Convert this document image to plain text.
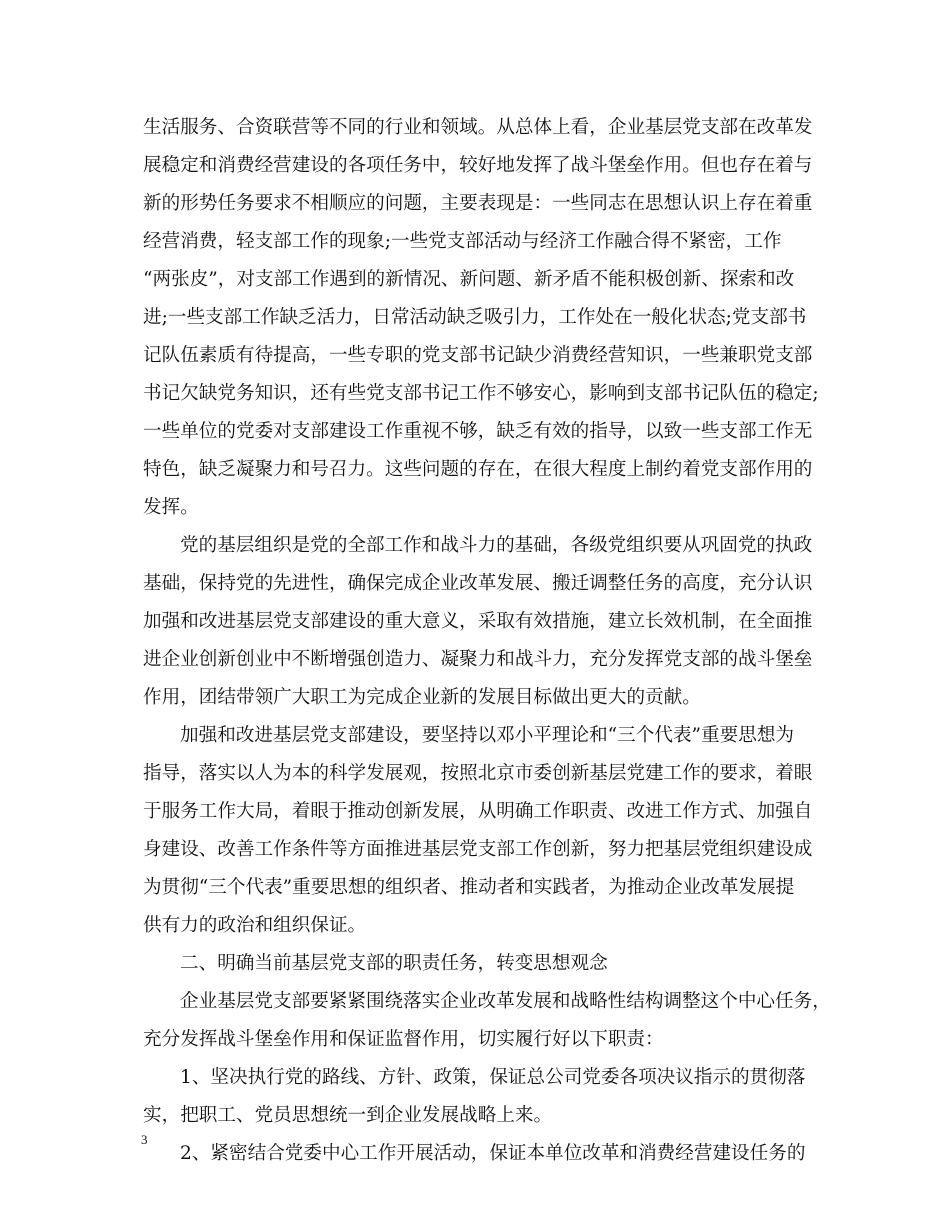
生活服务、合资联营等不同的行业和领域。从总体上看，企业基层党支部在改革发
展稳定和消费经营建设的各项任务中，较好地发挥了战斗堡垒作用。但也存在着与
新的形势任务要求不相顺应的问题，主要表现是：一些同志在思想认识上存在着重
经营消费，轻支部工作的现象;一些党支部活动与经济工作融合得不紧密，工作
“两张皮”，对支部工作遇到的新情况、新问题、新矛盾不能积极创新、探索和改
进;一些支部工作缺乏活力，日常活动缺乏吸引力，工作处在一般化状态;党支部书
记队伍素质有待提高，一些专职的党支部书记缺少消费经营知识，一些兼职党支部
书记欠缺党务知识，还有些党支部书记工作不够安心，影响到支部书记队伍的稳定;
一些单位的党委对支部建设工作重视不够，缺乏有效的指导，以致一些支部工作无
特色，缺乏凝聚力和号召力。这些问题的存在，在很大程度上制约着党支部作用的
发挥。
党的基层组织是党的全部工作和战斗力的基础，各级党组织要从巩固党的执政
基础，保持党的先进性，确保完成企业改革发展、搬迁调整任务的高度，充分认识
加强和改进基层党支部建设的重大意义，采取有效措施，建立长效机制，在全面推
进企业创新创业中不断增强创造力、凝聚力和战斗力，充分发挥党支部的战斗堡垒
作用，团结带领广大职工为完成企业新的发展目标做出更大的贡献。
加强和改进基层党支部建设，要坚持以邓小平理论和“三个代表”重要思想为
指导，落实以人为本的科学发展观，按照北京市委创新基层党建工作的要求，着眼
于服务工作大局，着眼于推动创新发展，从明确工作职责、改进工作方式、加强自
身建设、改善工作条件等方面推进基层党支部工作创新，努力把基层党组织建设成
为贯彻“三个代表”重要思想的组织者、推动者和实践者，为推动企业改革发展提
供有力的政治和组织保证。
二、明确当前基层党支部的职责任务，转变思想观念
企业基层党支部要紧紧围绕落实企业改革发展和战略性结构调整这个中心任务，
充分发挥战斗堡垒作用和保证监督作用，切实履行好以下职责：
1、坚决执行党的路线、方针、政策，保证总公司党委各项决议指示的贯彻落
实，把职工、党员思想统一到企业发展战略上来。
2、紧密结合党委中心工作开展活动，保证本单位改革和消费经营建设任务的
3
